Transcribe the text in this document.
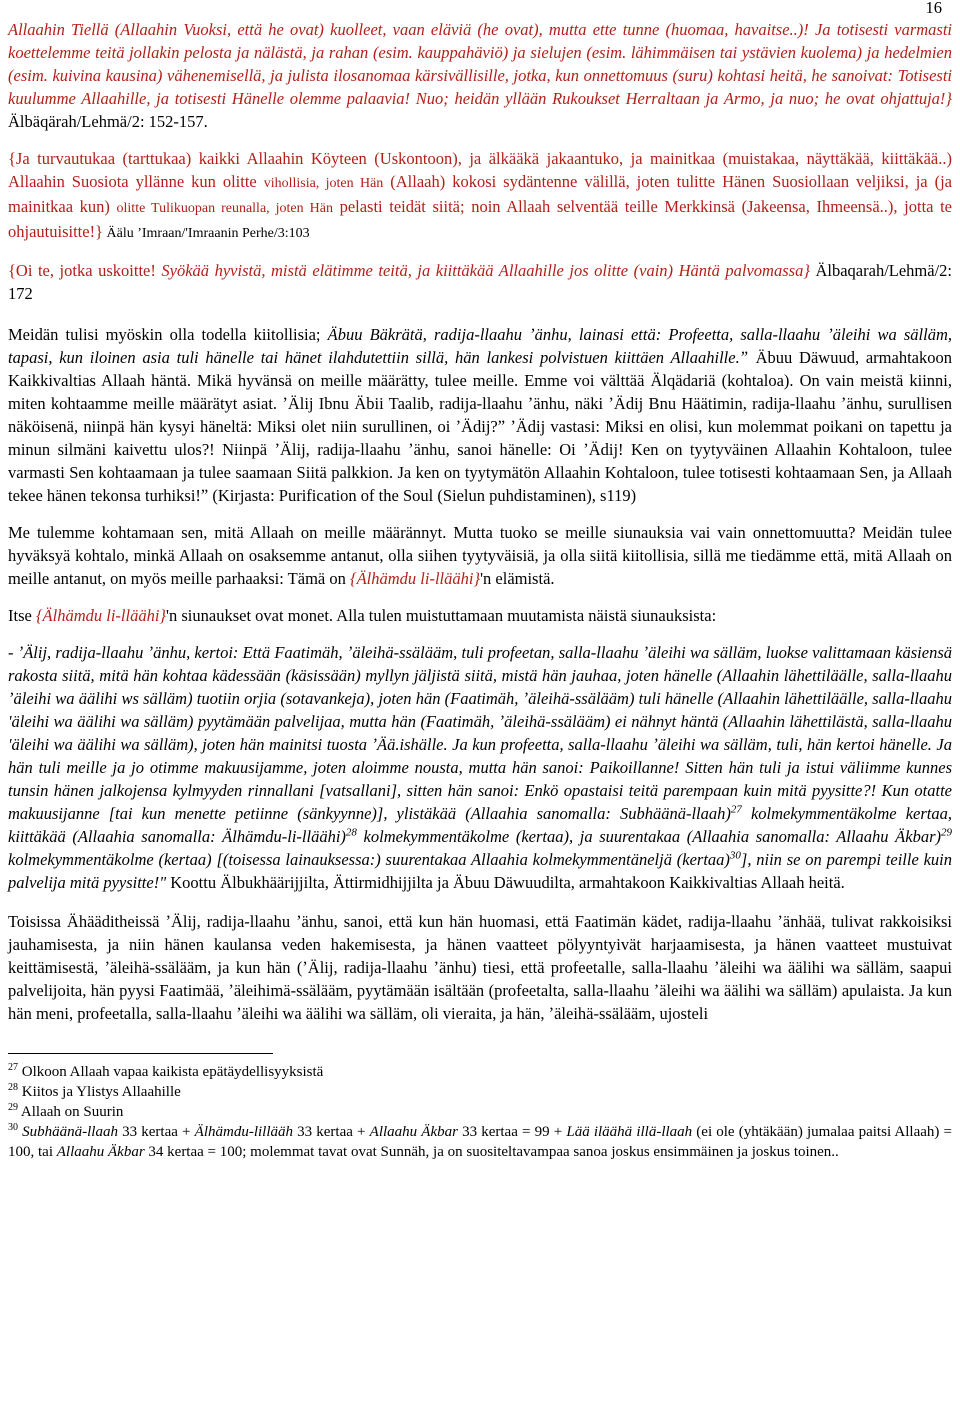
16

Allaahin Tiellä (Allaahin Vuoksi, että he ovat) kuolleet, vaan eläviä (he ovat), mutta ette tunne (huomaa, havaitse..)! Ja totisesti varmasti koettelemme teitä jollakin pelosta ja nälästä, ja rahan (esim. kauppahäviö) ja sielujen (esim. lähimmäisen tai ystävien kuolema) ja hedelmien (esim. kuivina kausina) vähenemisellä, ja julista ilosanomaa kärsivällisille, jotka, kun onnettomuus (suru) kohtasi heitä, he sanoivat: Totisesti kuulumme Allaahille, ja totisesti Hänelle olemme palaavia! Nuo; heidän yllään Rukoukset Herraltaan ja Armo, ja nuo; he ovat ohjattuja!} Älbäqärah/Lehmä/2: 152-157.

{Ja turvautukaa (tarttukaa) kaikki Allaahin Köyteen (Uskontoon), ja älkääkä jakaantuko, ja mainitkaa (muistakaa, näyttäkää, kiittäkää..) Allaahin Suosiota yllänne kun olitte vihollisia, joten Hän (Allaah) kokosi sydäntenne välillä, joten tulitte Hänen Suosiollaan veljiksi, ja (ja mainitkaa kun) olitte Tulikuopan reunalla, joten Hän pelasti teidät siitä; noin Allaah selventää teille Merkkinsä (Jakeensa, Ihmeensä..), jotta te ohjautuisitte!} Äälu ʼImraan/'Imraanin Perhe/3:103

{Oi te, jotka uskoitte! Syökää hyvistä, mistä elätimme teitä, ja kiittäkää Allaahille jos olitte (vain) Häntä palvomassa} Älbaqarah/Lehmä/2: 172

Meidän tulisi myöskin olla todella kiitollisia; Äbuu Bäkrätä, radija-llaahu ʼänhu, lainasi että: Profeetta, salla-llaahu ʼäleihi wa sälläm, tapasi, kun iloinen asia tuli hänelle tai hänet ilahdutettiin sillä, hän lankesi polvistuen kiittäen Allaahille.ˮ Äbuu Däwuud, armahtakoon Kaikkivaltias Allaah häntä. Mikä hyvänsä on meille määrätty, tulee meille. Emme voi välttää Älqädariä (kohtaloa). On vain meistä kiinni, miten kohtaamme meille määrätyt asiat. ʼÄlij Ibnu Äbii Taalib, radija-llaahu ʼänhu, näki ʼÄdij Bnu Häätimin, radija-llaahu ʼänhu, surullisen näköisenä, niinpä hän kysyi häneltä: Miksi olet niin surullinen, oi ʼÄdij?ˮ ʼÄdij vastasi: Miksi en olisi, kun molemmat poikani on tapettu ja minun silmäni kaivettu ulos?! Niinpä ʼÄlij, radija-llaahu ʼänhu, sanoi hänelle: Oi ʼÄdij! Ken on tyytyväinen Allaahin Kohtaloon, tulee varmasti Sen kohtaamaan ja tulee saamaan Siitä palkkion. Ja ken on tyytymätön Allaahin Kohtaloon, tulee totisesti kohtaamaan Sen, ja Allaah tekee hänen tekonsa turhiksi!ˮ (Kirjasta: Purification of the Soul (Sielun puhdistaminen), s119)

Me tulemme kohtamaan sen, mitä Allaah on meille määrännyt. Mutta tuoko se meille siunauksia vai vain onnettomuutta? Meidän tulee hyväksyä kohtalo, minkä Allaah on osaksemme antanut, olla siihen tyytyväisiä, ja olla siitä kiitollisia, sillä me tiedämme että, mitä Allaah on meille antanut, on myös meille parhaaksi: Tämä on {Älhämdu li-lläähi}'n elämistä.

Itse {Älhämdu li-lläähi}'n siunaukset ovat monet. Alla tulen muistuttamaan muutamista näistä siunauksista:

- ʼÄlij, radija-llaahu ʼänhu, kertoi: Että Faatimäh, ʼäleihä-ssälääm, tuli profeetan, salla-llaahu ʼäleihi wa sälläm, luokse valittamaan käsiensä rakosta siitä, mitä hän kohtaa kädessään (käsissään) myllyn jäljistä siitä, mistä hän jauhaa, joten hänelle (Allaahin lähettiläälle, salla-llaahu ʼäleihi wa äälihi ws sälläm) tuotiin orjia (sotavankeja), joten hän (Faatimäh, ʼäleihä-ssälääm) tuli hänelle (Allaahin lähettiläälle, salla-llaahu 'äleihi wa äälihi wa sälläm) pyytämään palvelijaa, mutta hän (Faatimäh, ʼäleihä-ssälääm) ei nähnyt häntä (Allaahin lähettilästä, salla-llaahu 'äleihi wa äälihi wa sälläm), joten hän mainitsi tuosta ʼÄä.ishälle. Ja kun profeetta, salla-llaahu ʼäleihi wa sälläm, tuli, hän kertoi hänelle. Ja hän tuli meille ja jo otimme makuusijamme, joten aloimme nousta, mutta hän sanoi: Paikoillanne! Sitten hän tuli ja istui väliimme kunnes tunsin hänen jalkojensa kylmyyden rinnallani [vatsallani], sitten hän sanoi: Enkö opastaisi teitä parempaan kuin mitä pyysitte?! Kun otatte makuusijanne [tai kun menette petiinne (sänkyynne)], ylistäkää (Allaahia sanomalla: Subhäänä-llaah)$^{27}$ kolmekymmentäkolme kertaa, kiittäkää (Allaahia sanomalla: Älhämdu-li-lläähi)$^{28}$ kolmekymmentäkolme (kertaa), ja suurentakaa (Allaahia sanomalla: Allaahu Äkbar)$^{29}$ kolmekymmentäkolme (kertaa) [(toisessa lainauksessa:) suurentakaa Allaahia kolmekymmentäneljä (kertaa)$^{30}$], niin se on parempi teille kuin palvelija mitä pyysitte!" Koottu Älbukhäärijjilta, Ättirmidhijjilta ja Äbuu Däwuudilta, armahtakoon Kaikkivaltias Allaah heitä.

Toisissa Ähääditheissä ʼÄlij, radija-llaahu ʼänhu, sanoi, että kun hän huomasi, että Faatimän kädet, radija-llaahu ʼänhää, tulivat rakkoisiksi jauhamisesta, ja niin hänen kaulansa veden hakemisesta, ja hänen vaatteet pölyyntyivät harjaamisesta, ja hänen vaatteet mustuivat keittämisestä, ʼäleihä-ssälääm, ja kun hän (ʼÄlij, radija-llaahu ʼänhu) tiesi, että profeetalle, salla-llaahu ʼäleihi wa äälihi wa sälläm, saapui palvelijoita, hän pyysi Faatimää, ʼäleihimä-ssälääm, pyytämään isältään (profeetalta, salla-llaahu ʼäleihi wa äälihi wa sälläm) apulaista. Ja kun hän meni, profeetalla, salla-llaahu ʼäleihi wa äälihi wa sälläm, oli vieraita, ja hän, ʼäleihä-ssälääm, ujosteli

$^{27}$ Olkoon Allaah vapaa kaikista epätäydellisyyksistä
$^{28}$ Kiitos ja Ylistys Allaahille
$^{29}$ Allaah on Suurin
$^{30}$ Subhäänä-llaah 33 kertaa + Älhämdu-lillääh 33 kertaa + Allaahu Äkbar 33 kertaa = 99 + Lää iläähä illä-llaah (ei ole (yhtäkään) jumalaa paitsi Allaah) = 100, tai Allaahu Äkbar 34 kertaa = 100; molemmat tavat ovat Sunnäh, ja on suositeltavampaa sanoa joskus ensimmäinen ja joskus toinen..
